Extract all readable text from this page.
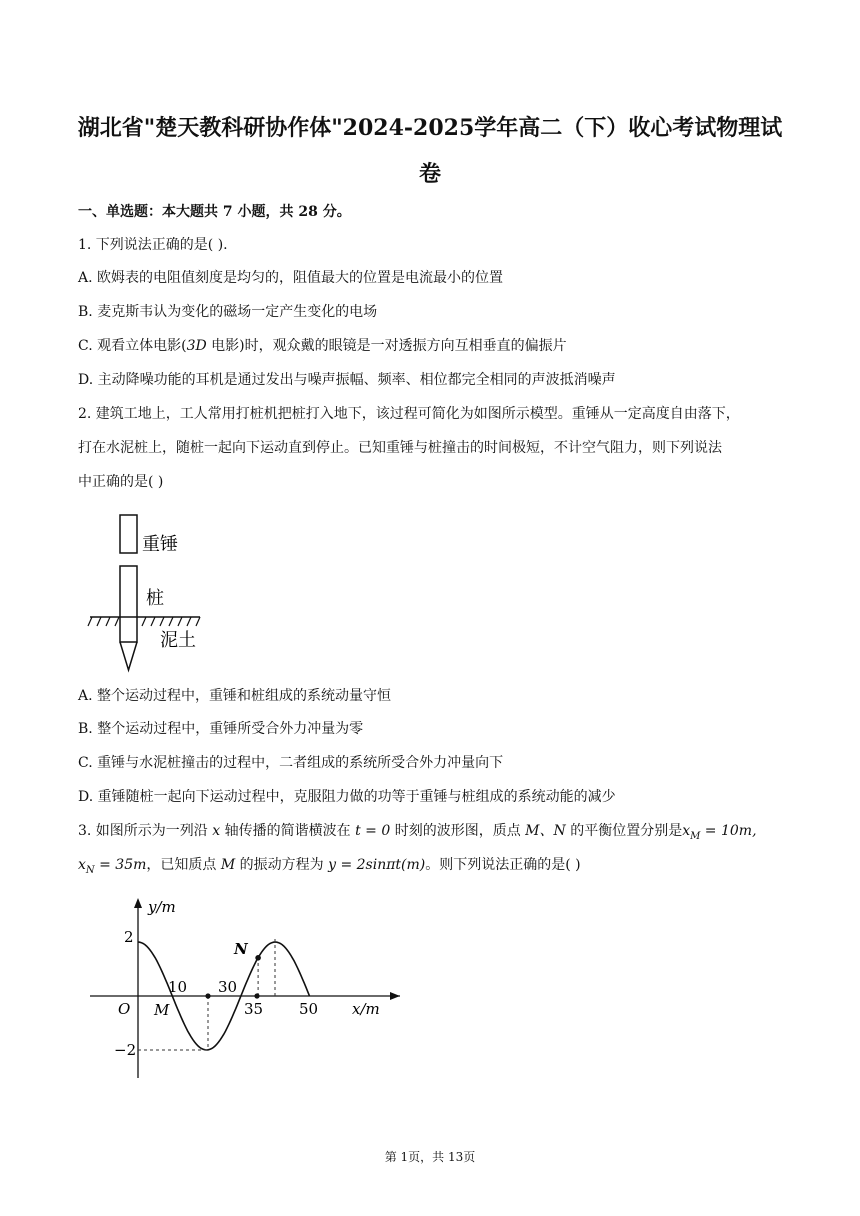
湖北省"楚天教科研协作体"2024-2025学年高二（下）收心考试物理试
卷
一、单选题：本大题共 7 小题，共 28 分。
1. 下列说法正确的是( ).
A. 欧姆表的电阻值刻度是均匀的，阻值最大的位置是电流最小的位置
B. 麦克斯韦认为变化的磁场一定产生变化的电场
C. 观看立体电影(3D 电影)时，观众戴的眼镜是一对透振方向互相垂直的偏振片
D. 主动降噪功能的耳机是通过发出与噪声振幅、频率、相位都完全相同的声波抵消噪声
2. 建筑工地上，工人常用打桩机把桩打入地下，该过程可简化为如图所示模型。重锤从一定高度自由落下，
打在水泥桩上，随桩一起向下运动直到停止。已知重锤与桩撞击的时间极短，不计空气阻力，则下列说法
中正确的是( )
重锤
桩
泥土
A. 整个运动过程中，重锤和桩组成的系统动量守恒
B. 整个运动过程中，重锤所受合外力冲量为零
C. 重锤与水泥桩撞击的过程中，二者组成的系统所受合外力冲量向下
D. 重锤随桩一起向下运动过程中，克服阻力做的功等于重锤与桩组成的系统动能的减少
3. 如图所示为一列沿 x 轴传播的简谐横波在 t = 0 时刻的波形图，质点 M、N 的平衡位置分别是$x_M = 10m$,
$x_N = 35m$，已知质点 M 的振动方程为 y = 2sinπt(m)。则下列说法正确的是( )
y/m
x/m
O
2
−2
10
M
30
35 50
N
第 1页，共 13页
